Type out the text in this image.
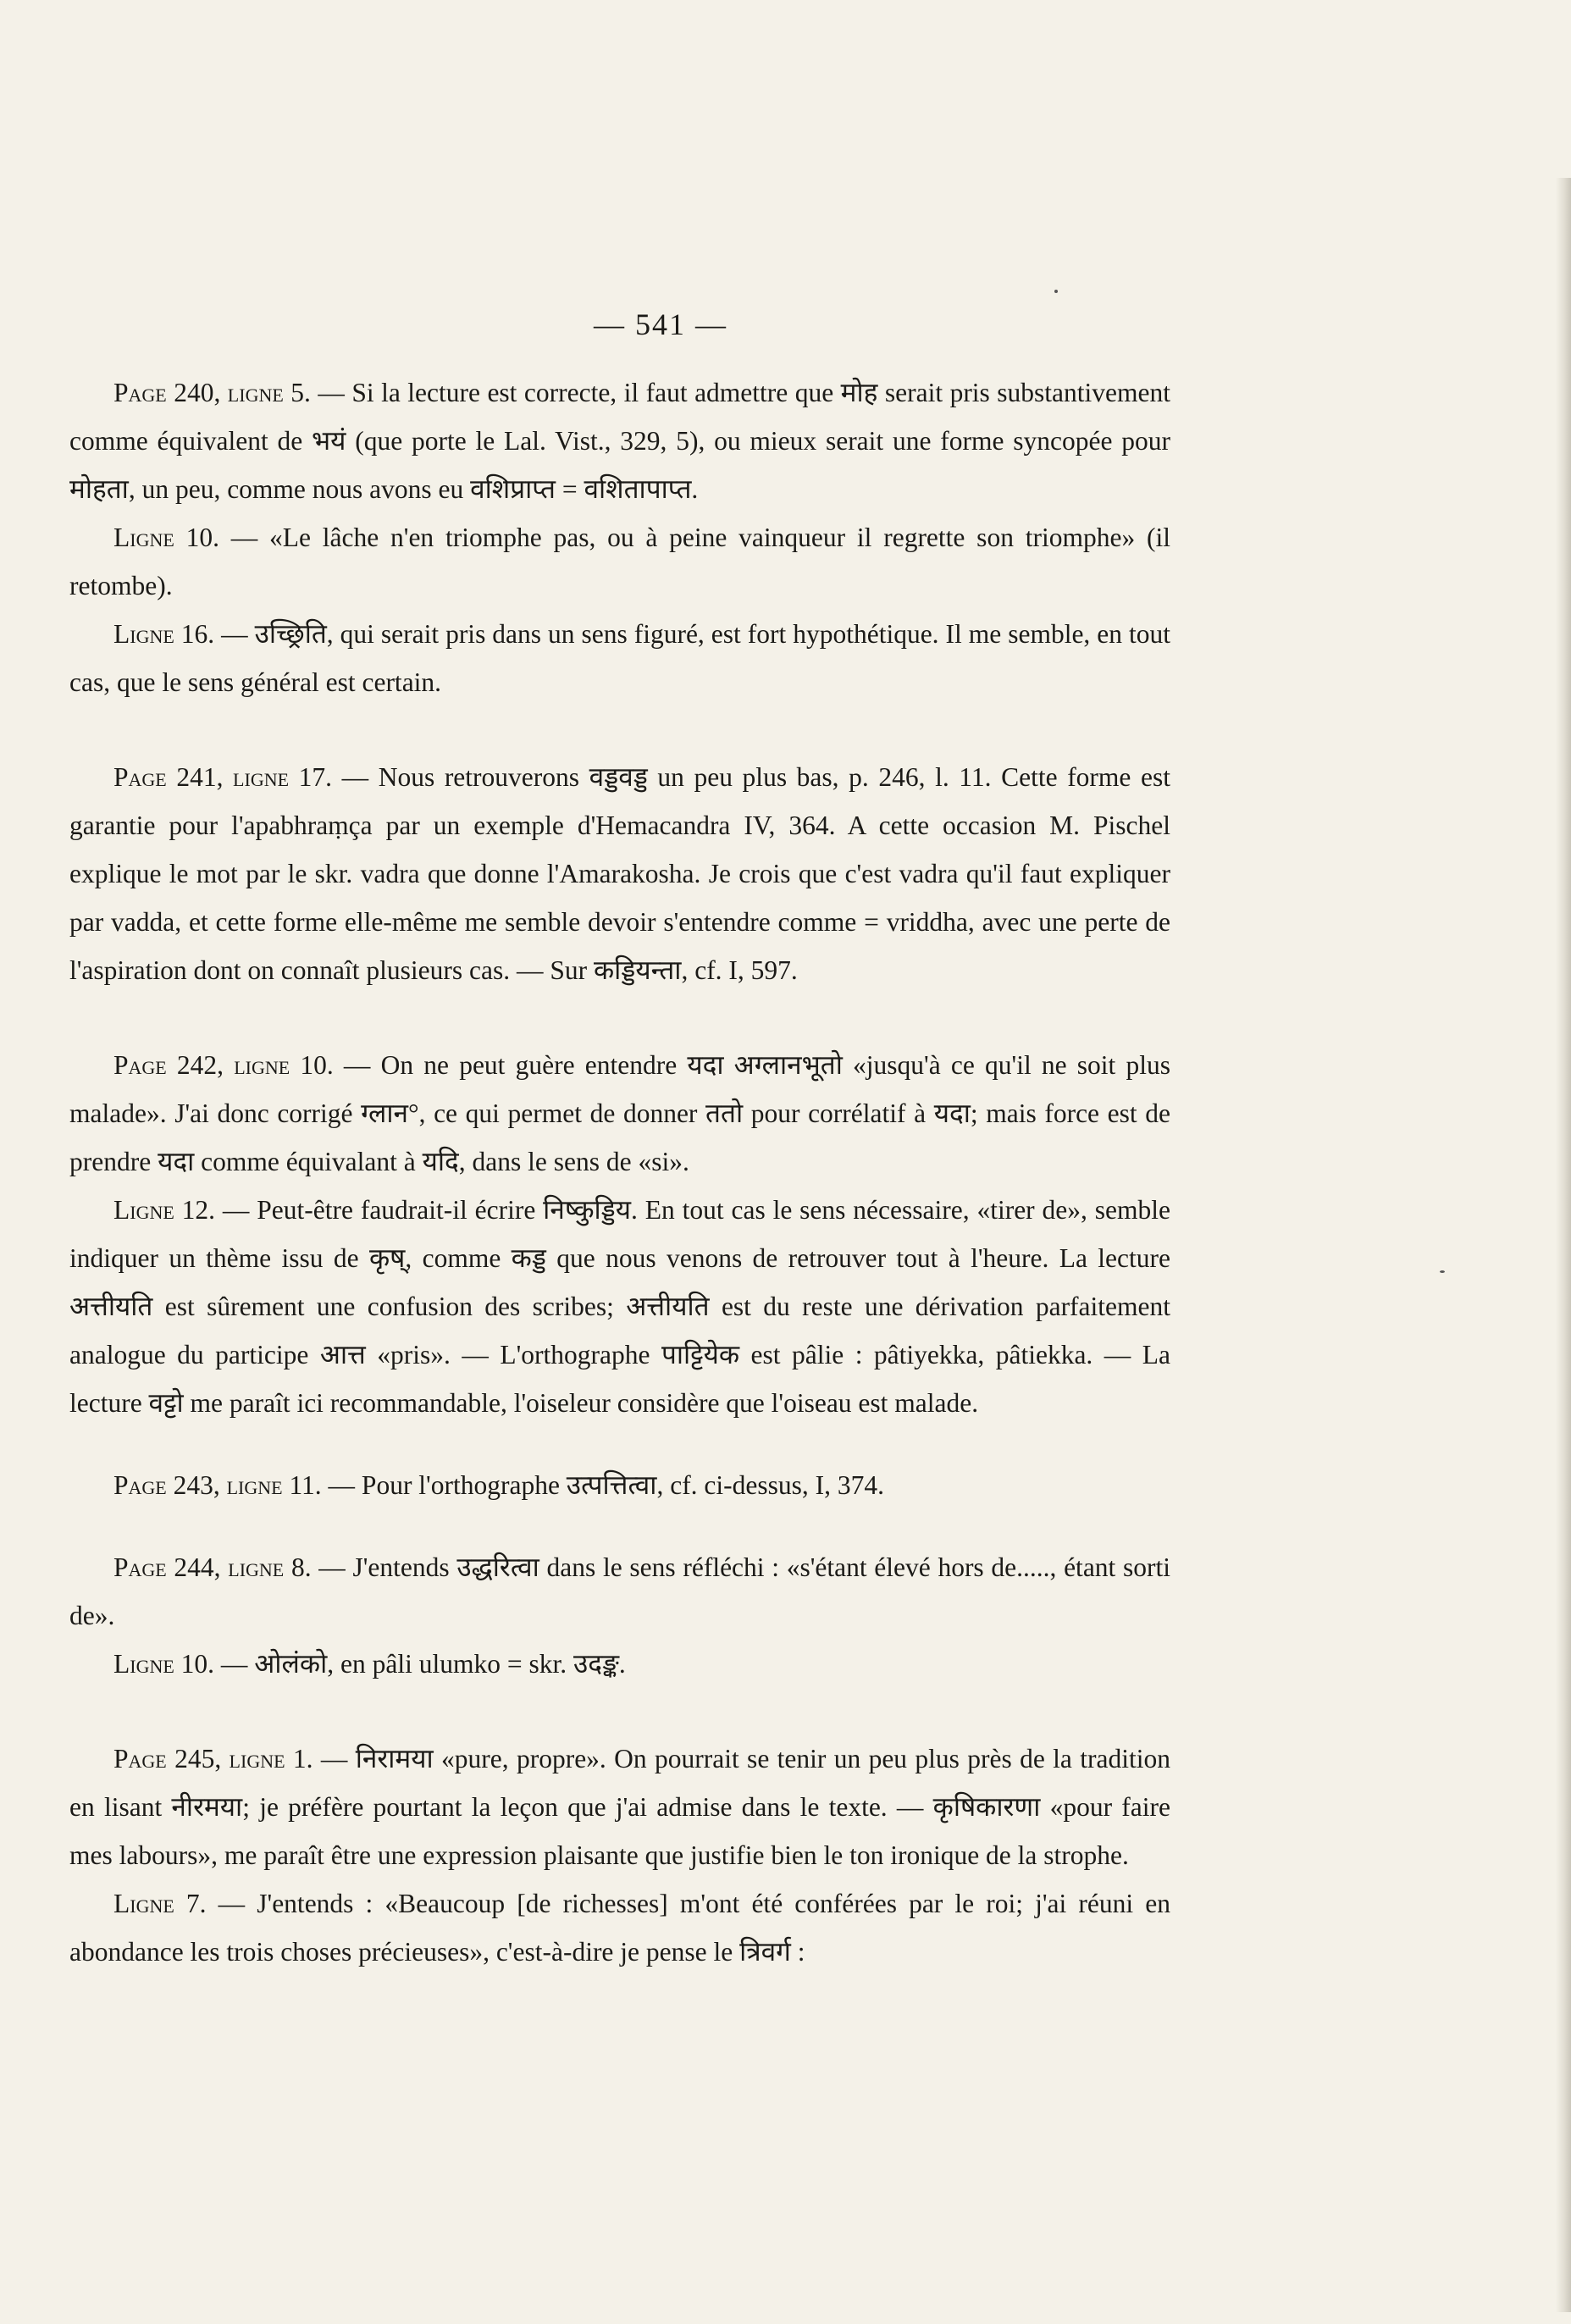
— 541 —

Page 240, ligne 5. — Si la lecture est correcte, il faut admettre que मोह serait pris substantivement comme équivalent de भयं (que porte le Lal. Vist., 329, 5), ou mieux serait une forme syncopée pour मोहता, un peu, comme nous avons eu वशिप्राप्त = वशितापाप्त.

Ligne 10. — «Le lâche n'en triomphe pas, ou à peine vainqueur il regrette son triomphe» (il retombe).

Ligne 16. — उच्छ्रिति, qui serait pris dans un sens figuré, est fort hypothétique. Il me semble, en tout cas, que le sens général est certain.

Page 241, ligne 17. — Nous retrouverons वड्डवड्ड un peu plus bas, p. 246, l. 11. Cette forme est garantie pour l'apabhraṃça par un exemple d'Hemacandra IV, 364. A cette occasion M. Pischel explique le mot par le skr. vadra que donne l'Amarakosha. Je crois que c'est vadra qu'il faut expliquer par vadda, et cette forme elle-même me semble devoir s'entendre comme = vriddha, avec une perte de l'aspiration dont on connaît plusieurs cas. — Sur कड्डियन्ता, cf. I, 597.

Page 242, ligne 10. — On ne peut guère entendre यदा अग्लानभूतो «jusqu'à ce qu'il ne soit plus malade». J'ai donc corrigé ग्लान°, ce qui permet de donner ततो pour corrélatif à यदा; mais force est de prendre यदा comme équivalant à यदि, dans le sens de «si».

Ligne 12. — Peut-être faudrait-il écrire निष्कुड्डिय. En tout cas le sens nécessaire, «tirer de», semble indiquer un thème issu de कृष्, comme कड्ड que nous venons de retrouver tout à l'heure. La lecture अत्तीयति est sûrement une confusion des scribes; अत्तीयति est du reste une dérivation parfaitement analogue du participe आत्त «pris». — L'orthographe पाट्टियेक est pâlie : pâtiyekka, pâtiekka. — La lecture वट्टो me paraît ici recommandable, l'oiseleur considère que l'oiseau est malade.

Page 243, ligne 11. — Pour l'orthographe उत्पत्तित्वा, cf. ci-dessus, I, 374.

Page 244, ligne 8. — J'entends उद्धरित्वा dans le sens réfléchi : «s'étant élevé hors de....., étant sorti de».

Ligne 10. — ओलंको, en pâli ulumko = skr. उदङ्क.

Page 245, ligne 1. — निरामया «pure, propre». On pourrait se tenir un peu plus près de la tradition en lisant नीरमया; je préfère pourtant la leçon que j'ai admise dans le texte. — कृषिकारणा «pour faire mes labours», me paraît être une expression plaisante que justifie bien le ton ironique de la strophe.

Ligne 7. — J'entends : «Beaucoup [de richesses] m'ont été conférées par le roi; j'ai réuni en abondance les trois choses précieuses», c'est-à-dire je pense le त्रिवर्ग :
